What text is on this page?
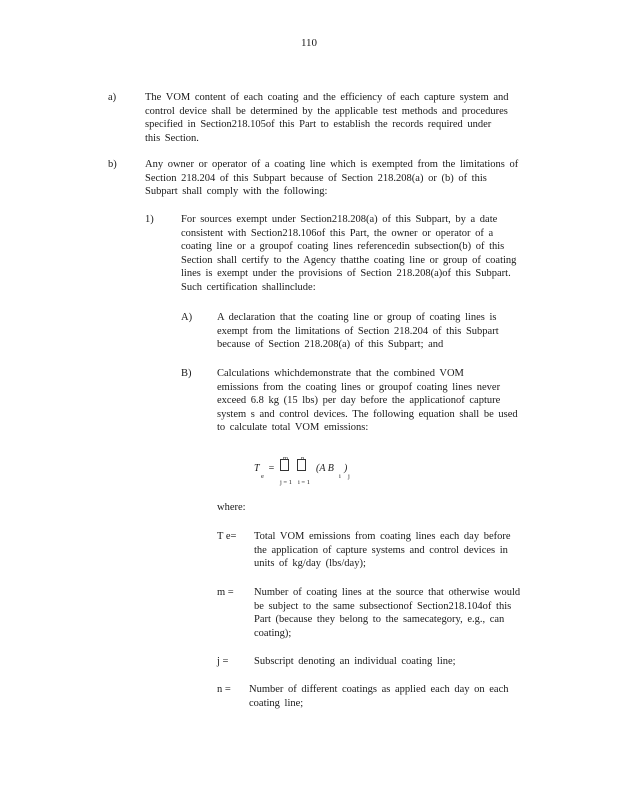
110
a)	The VOM content of each coating and the efficiency of each capture system and
control device shall be determined by the applicable test methods and procedures
specified in Section218.105of this Part to establish the records required under
this Section.
b)	Any owner or operator of a coating line which is exempted from the limitations of
Section 218.204 of this Subpart because of Section 218.208(a) or (b) of this
Subpart shall comply with the following:
1)	For sources exempt under Section218.208(a) of this Subpart, by a date
consistent with Section218.106of this Part, the owner or operator of a
coating line or a groupof coating lines referencedin subsection(b) of this
Section shall certify to the Agency thatthe coating line or group of coating
lines is exempt under the provisions of Section 218.208(a)of this Subpart.
Such certification shallinclude:
A) A declaration that the coating line or group of coating lines is
exempt from the limitations of Section 218.204 of this Subpart
because of Section 218.208(a) of this Subpart; and
B) Calculations whichdemonstrate that the combined VOM
emissions from the coating lines or groupof coating lines never
exceed 6.8 kg (15 lbs) per day before the applicationof capture
system s and control devices. The following equation shall be used
to calculate total VOM emissions:
T
e
=
m
j = 1
n
i = 1
(A B
i
)
j
where:
T e= Total VOM emissions from coating lines each day before
the application of capture systems and control devices in
units of kg/day (lbs/day);
m = Number of coating lines at the source that otherwise would
be subject to the same subsectionof Section218.104of this
Part (because they belong to the samecategory, e.g., can
coating);
j = Subscript denoting an individual coating line;
n = Number of different coatings as applied each day on each
coating line;
